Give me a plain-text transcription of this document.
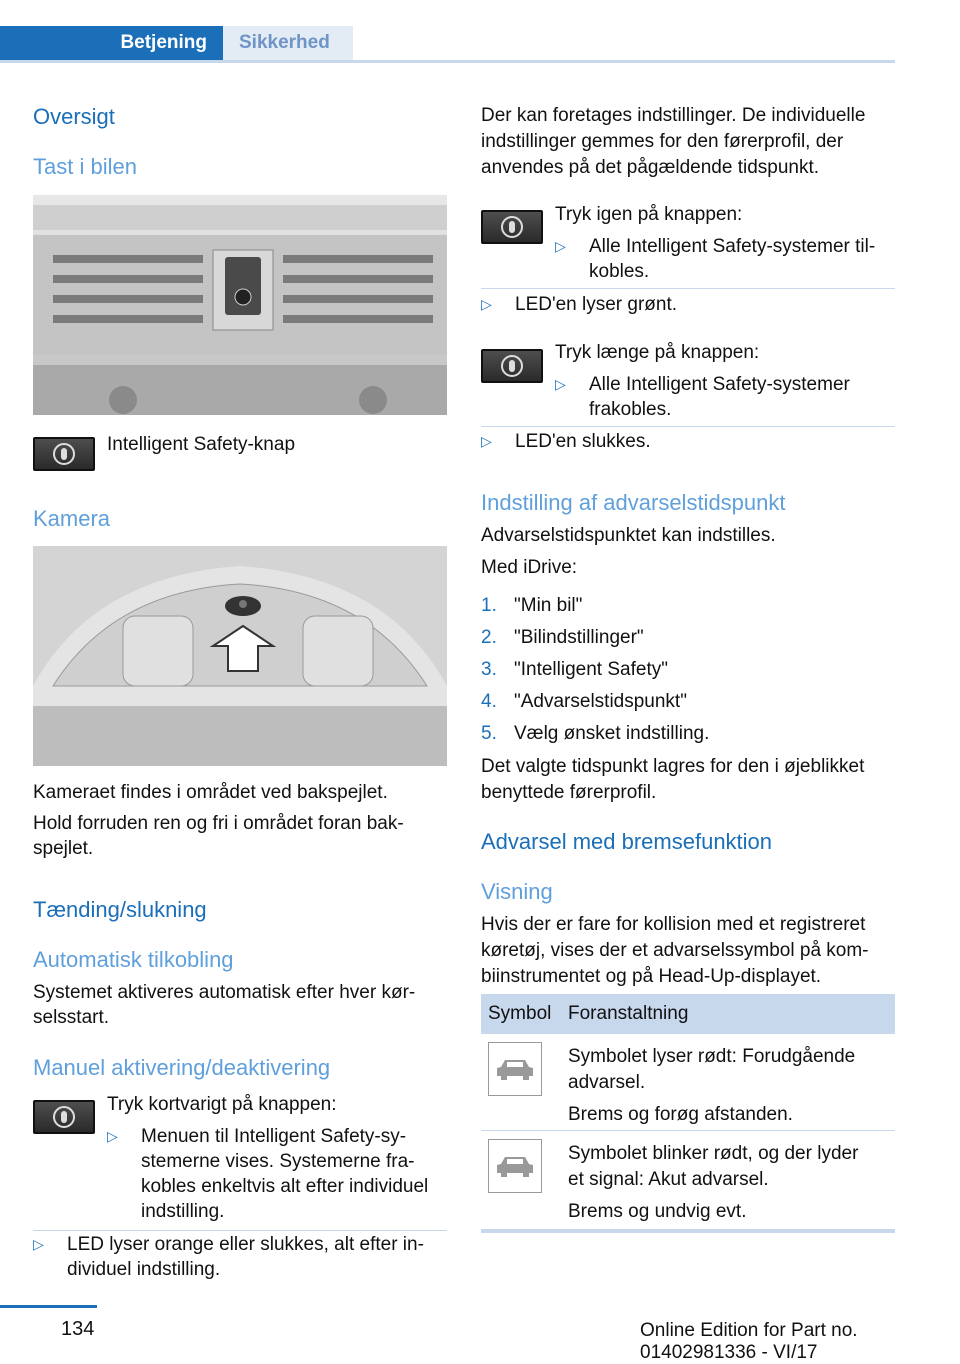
Betjening	Sikkerhed
Oversigt
Tast i bilen
Intelligent Safety-knap
Kamera
Kameraet findes i området ved bakspejlet.
Hold forruden ren og fri i området foran bak-
spejlet.
Tænding/slukning
Automatisk tilkobling
Systemet aktiveres automatisk efter hver kør-
selsstart.
Manuel aktivering/deaktivering
Tryk kortvarigt på knappen:
▷	Menuen til Intelligent Safety-sy-
stemerne vises. Systemerne fra-
kobles enkeltvis alt efter individuel
indstilling.
▷	LED lyser orange eller slukkes, alt efter in-
dividuel indstilling.
Der kan foretages indstillinger. De individuelle
indstillinger gemmes for den førerprofil, der
anvendes på det pågældende tidspunkt.
Tryk igen på knappen:
▷	Alle Intelligent Safety-systemer til-
kobles.
▷	LED'en lyser grønt.
Tryk længe på knappen:
▷	Alle Intelligent Safety-systemer
frakobles.
▷	LED'en slukkes.
Indstilling af advarselstidspunkt
Advarselstidspunktet kan indstilles.
Med iDrive:
1. "Min bil"
2. "Bilindstillinger"
3. "Intelligent Safety"
4. "Advarselstidspunkt"
5. Vælg ønsket indstilling.
Det valgte tidspunkt lagres for den i øjeblikket
benyttede førerprofil.
Advarsel med bremsefunktion
Visning
Hvis der er fare for kollision med et registreret
køretøj, vises der et advarselssymbol på kom-
biinstrumentet og på Head-Up-displayet.
Symbol Foranstaltning
Symbolet lyser rødt: Forudgående
advarsel.
Brems og forøg afstanden.
Symbolet blinker rødt, og der lyder
et signal: Akut advarsel.
Brems og undvig evt.
134	Online Edition for Part no. 01402981336 - VI/17
